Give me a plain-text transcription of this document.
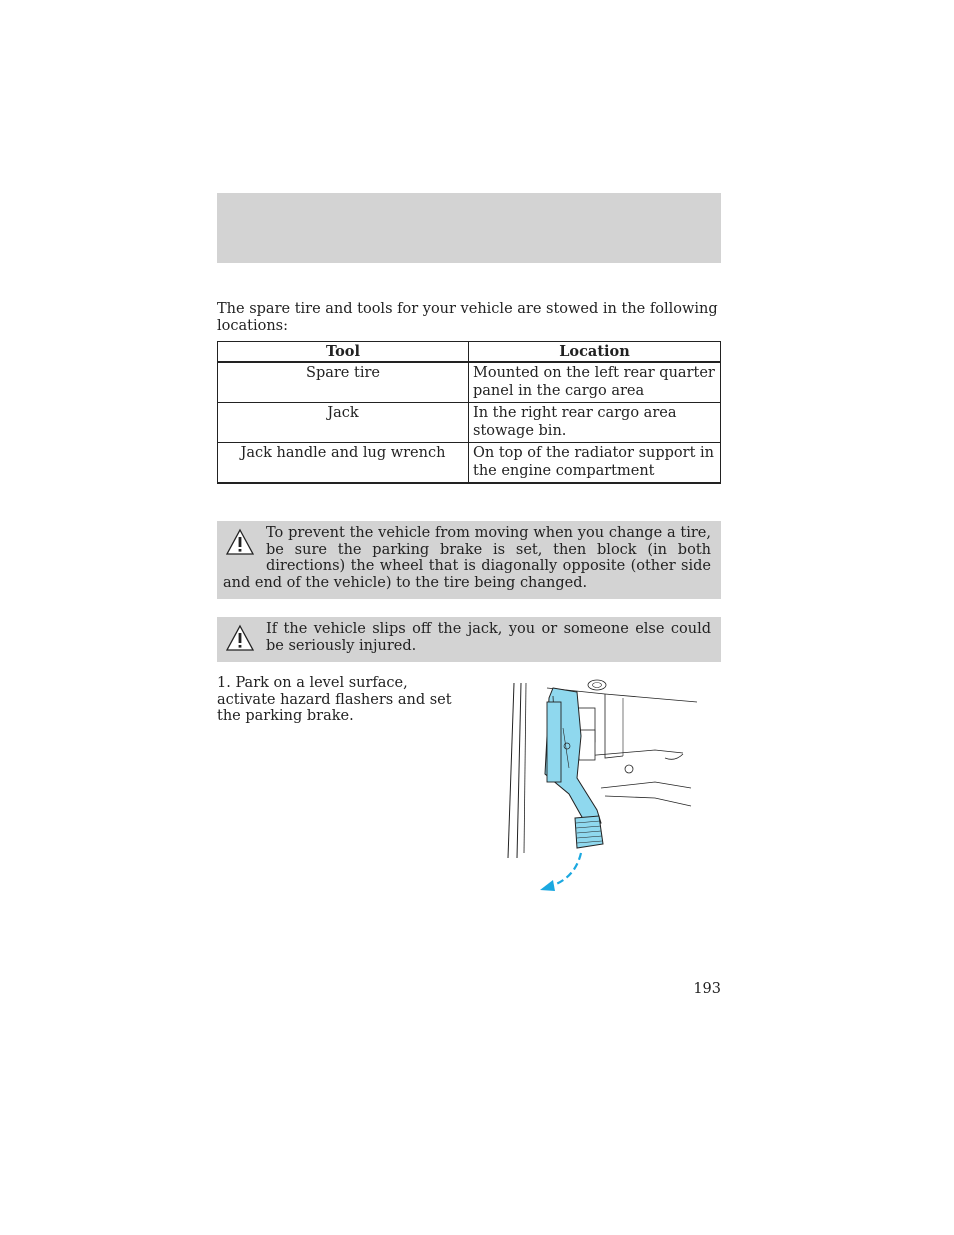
The spare tire and tools for your vehicle are stowed in the following locations:
Tool	Location
Spare tire	Mounted on the left rear quarter panel in the cargo area
Jack	In the right rear cargo area stowage bin.
Jack handle and lug wrench	On top of the radiator support in the engine compartment
To prevent the vehicle from moving when you change a tire, be sure the parking brake is set, then block (in both directions) the wheel that is diagonally opposite (other side and end of the vehicle) to the tire being changed.
If the vehicle slips off the jack, you or someone else could be seriously injured.
1. Park on a level surface, activate hazard flashers and set the parking brake.
193
